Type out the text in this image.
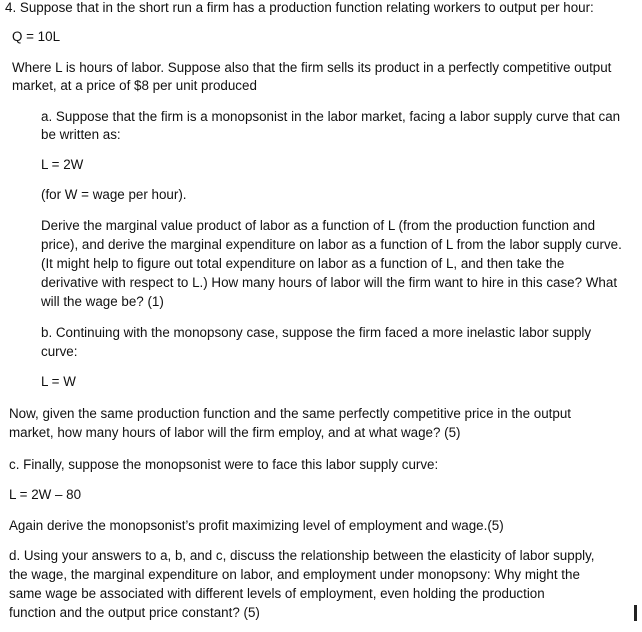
4. Suppose that in the short run a firm has a production function relating workers to output per hour:
Q = 10L
Where L is hours of labor. Suppose also that the firm sells its product in a perfectly competitive output
market, at a price of $8 per unit produced
a. Suppose that the firm is a monopsonist in the labor market, facing a labor supply curve that can
be written as:
L = 2W
(for W = wage per hour).
Derive the marginal value product of labor as a function of L (from the production function and
price), and derive the marginal expenditure on labor as a function of L from the labor supply curve.
(It might help to figure out total expenditure on labor as a function of L, and then take the
derivative with respect to L.) How many hours of labor will the firm want to hire in this case? What
will the wage be? (1)
b. Continuing with the monopsony case, suppose the firm faced a more inelastic labor supply
curve:
L = W
Now, given the same production function and the same perfectly competitive price in the output
market, how many hours of labor will the firm employ, and at what wage? (5)
c. Finally, suppose the monopsonist were to face this labor supply curve:
L = 2W – 80
Again derive the monopsonist’s profit maximizing level of employment and wage.(5)
d. Using your answers to a, b, and c, discuss the relationship between the elasticity of labor supply,
the wage, the marginal expenditure on labor, and employment under monopsony: Why might the
same wage be associated with different levels of employment, even holding the production
function and the output price constant? (5)
